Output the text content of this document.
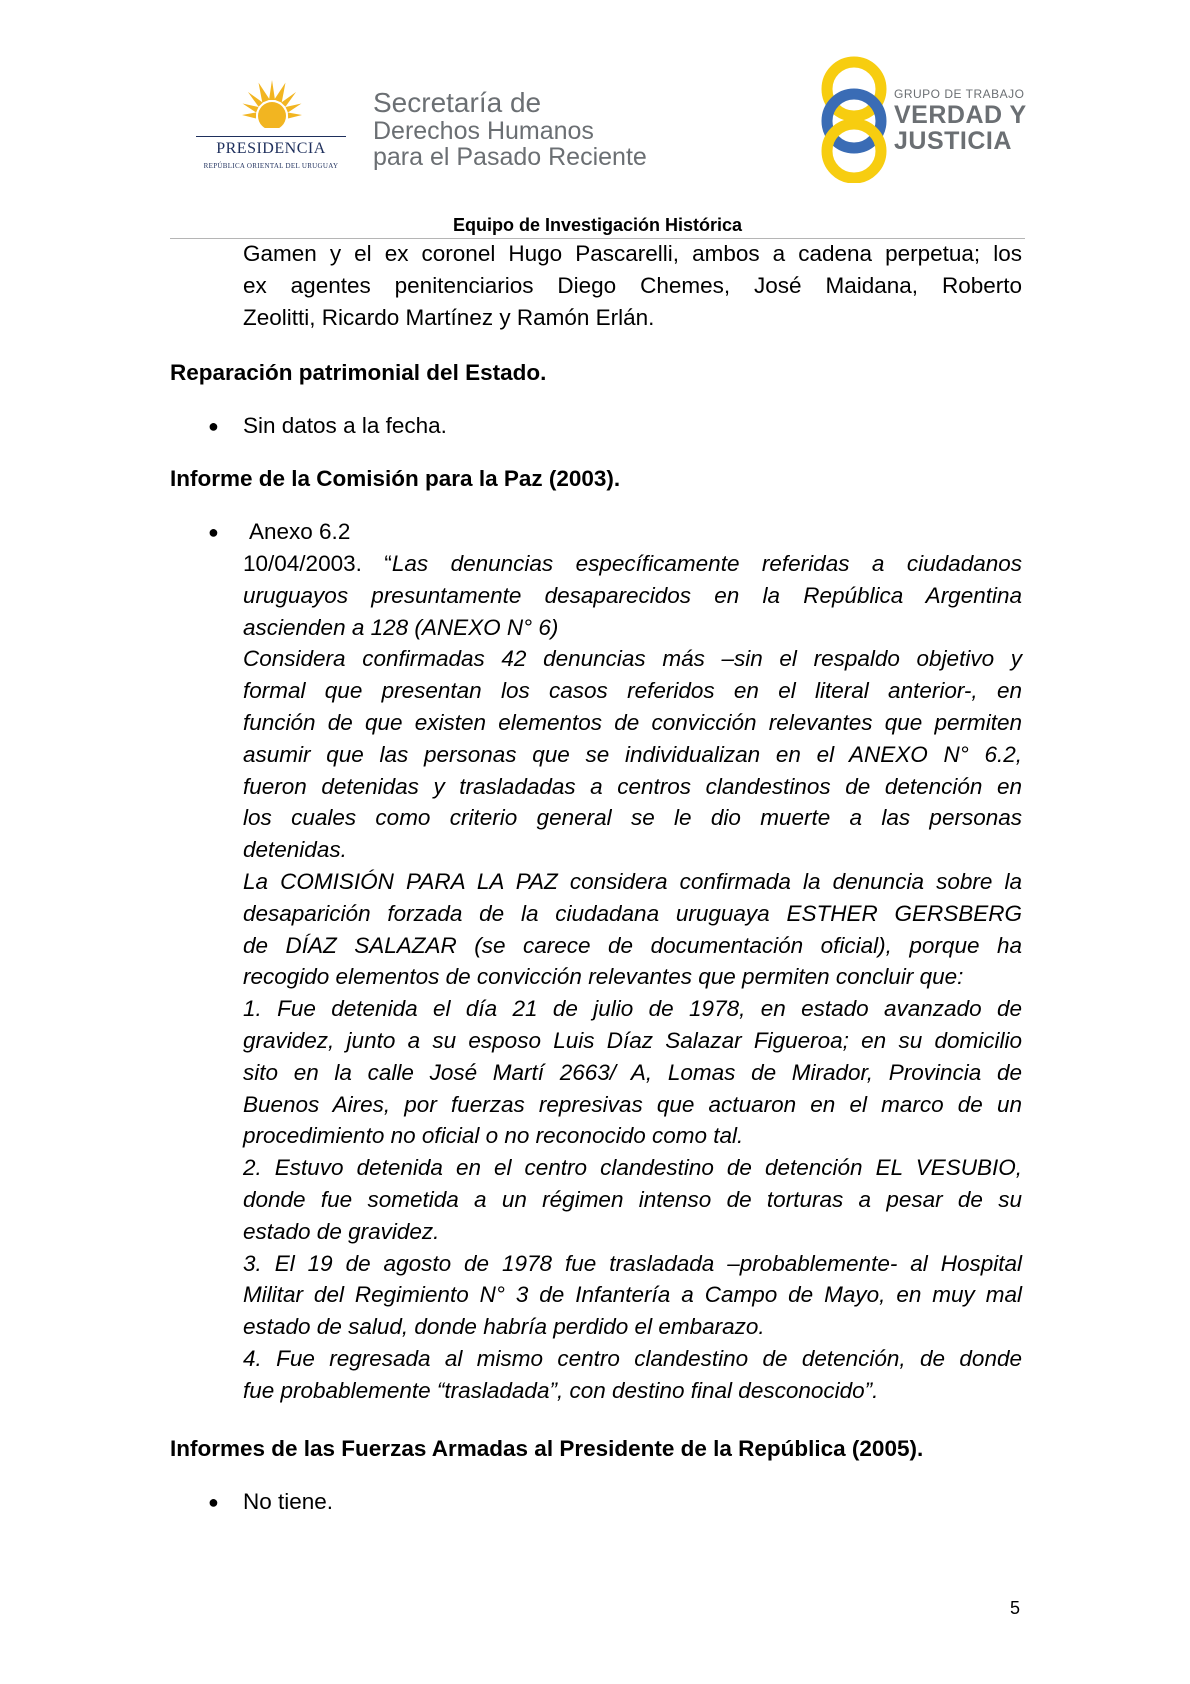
PRESIDENCIA
REPÚBLICA ORIENTAL DEL URUGUAY
Secretaría de
Derechos Humanos
para el Pasado Reciente
GRUPO DE TRABAJO
VERDAD Y
JUSTICIA
Equipo de Investigación Histórica
Gamen y el ex coronel Hugo Pascarelli, ambos a cadena perpetua; los
ex agentes penitenciarios Diego Chemes, José Maidana, Roberto
Zeolitti, Ricardo Martínez y Ramón Erlán.
Reparación patrimonial del Estado.
● Sin datos a la fecha.
Informe de la Comisión para la Paz (2003).
● Anexo 6.2
10/04/2003. “Las denuncias específicamente referidas a ciudadanos
uruguayos presuntamente desaparecidos en la República Argentina
ascienden a 128 (ANEXO N° 6)
Considera confirmadas 42 denuncias más –sin el respaldo objetivo y
formal que presentan los casos referidos en el literal anterior-, en
función de que existen elementos de convicción relevantes que permiten
asumir que las personas que se individualizan en el ANEXO N° 6.2,
fueron detenidas y trasladadas a centros clandestinos de detención en
los cuales como criterio general se le dio muerte a las personas
detenidas.
La COMISIÓN PARA LA PAZ considera confirmada la denuncia sobre la
desaparición forzada de la ciudadana uruguaya ESTHER GERSBERG
de DÍAZ SALAZAR (se carece de documentación oficial), porque ha
recogido elementos de convicción relevantes que permiten concluir que:
1. Fue detenida el día 21 de julio de 1978, en estado avanzado de
gravidez, junto a su esposo Luis Díaz Salazar Figueroa; en su domicilio
sito en la calle José Martí 2663/ A, Lomas de Mirador, Provincia de
Buenos Aires, por fuerzas represivas que actuaron en el marco de un
procedimiento no oficial o no reconocido como tal.
2. Estuvo detenida en el centro clandestino de detención EL VESUBIO,
donde fue sometida a un régimen intenso de torturas a pesar de su
estado de gravidez.
3. El 19 de agosto de 1978 fue trasladada –probablemente- al Hospital
Militar del Regimiento N° 3 de Infantería a Campo de Mayo, en muy mal
estado de salud, donde habría perdido el embarazo.
4. Fue regresada al mismo centro clandestino de detención, de donde
fue probablemente “trasladada”, con destino final desconocido”.
Informes de las Fuerzas Armadas al Presidente de la República (2005).
● No tiene.
5
